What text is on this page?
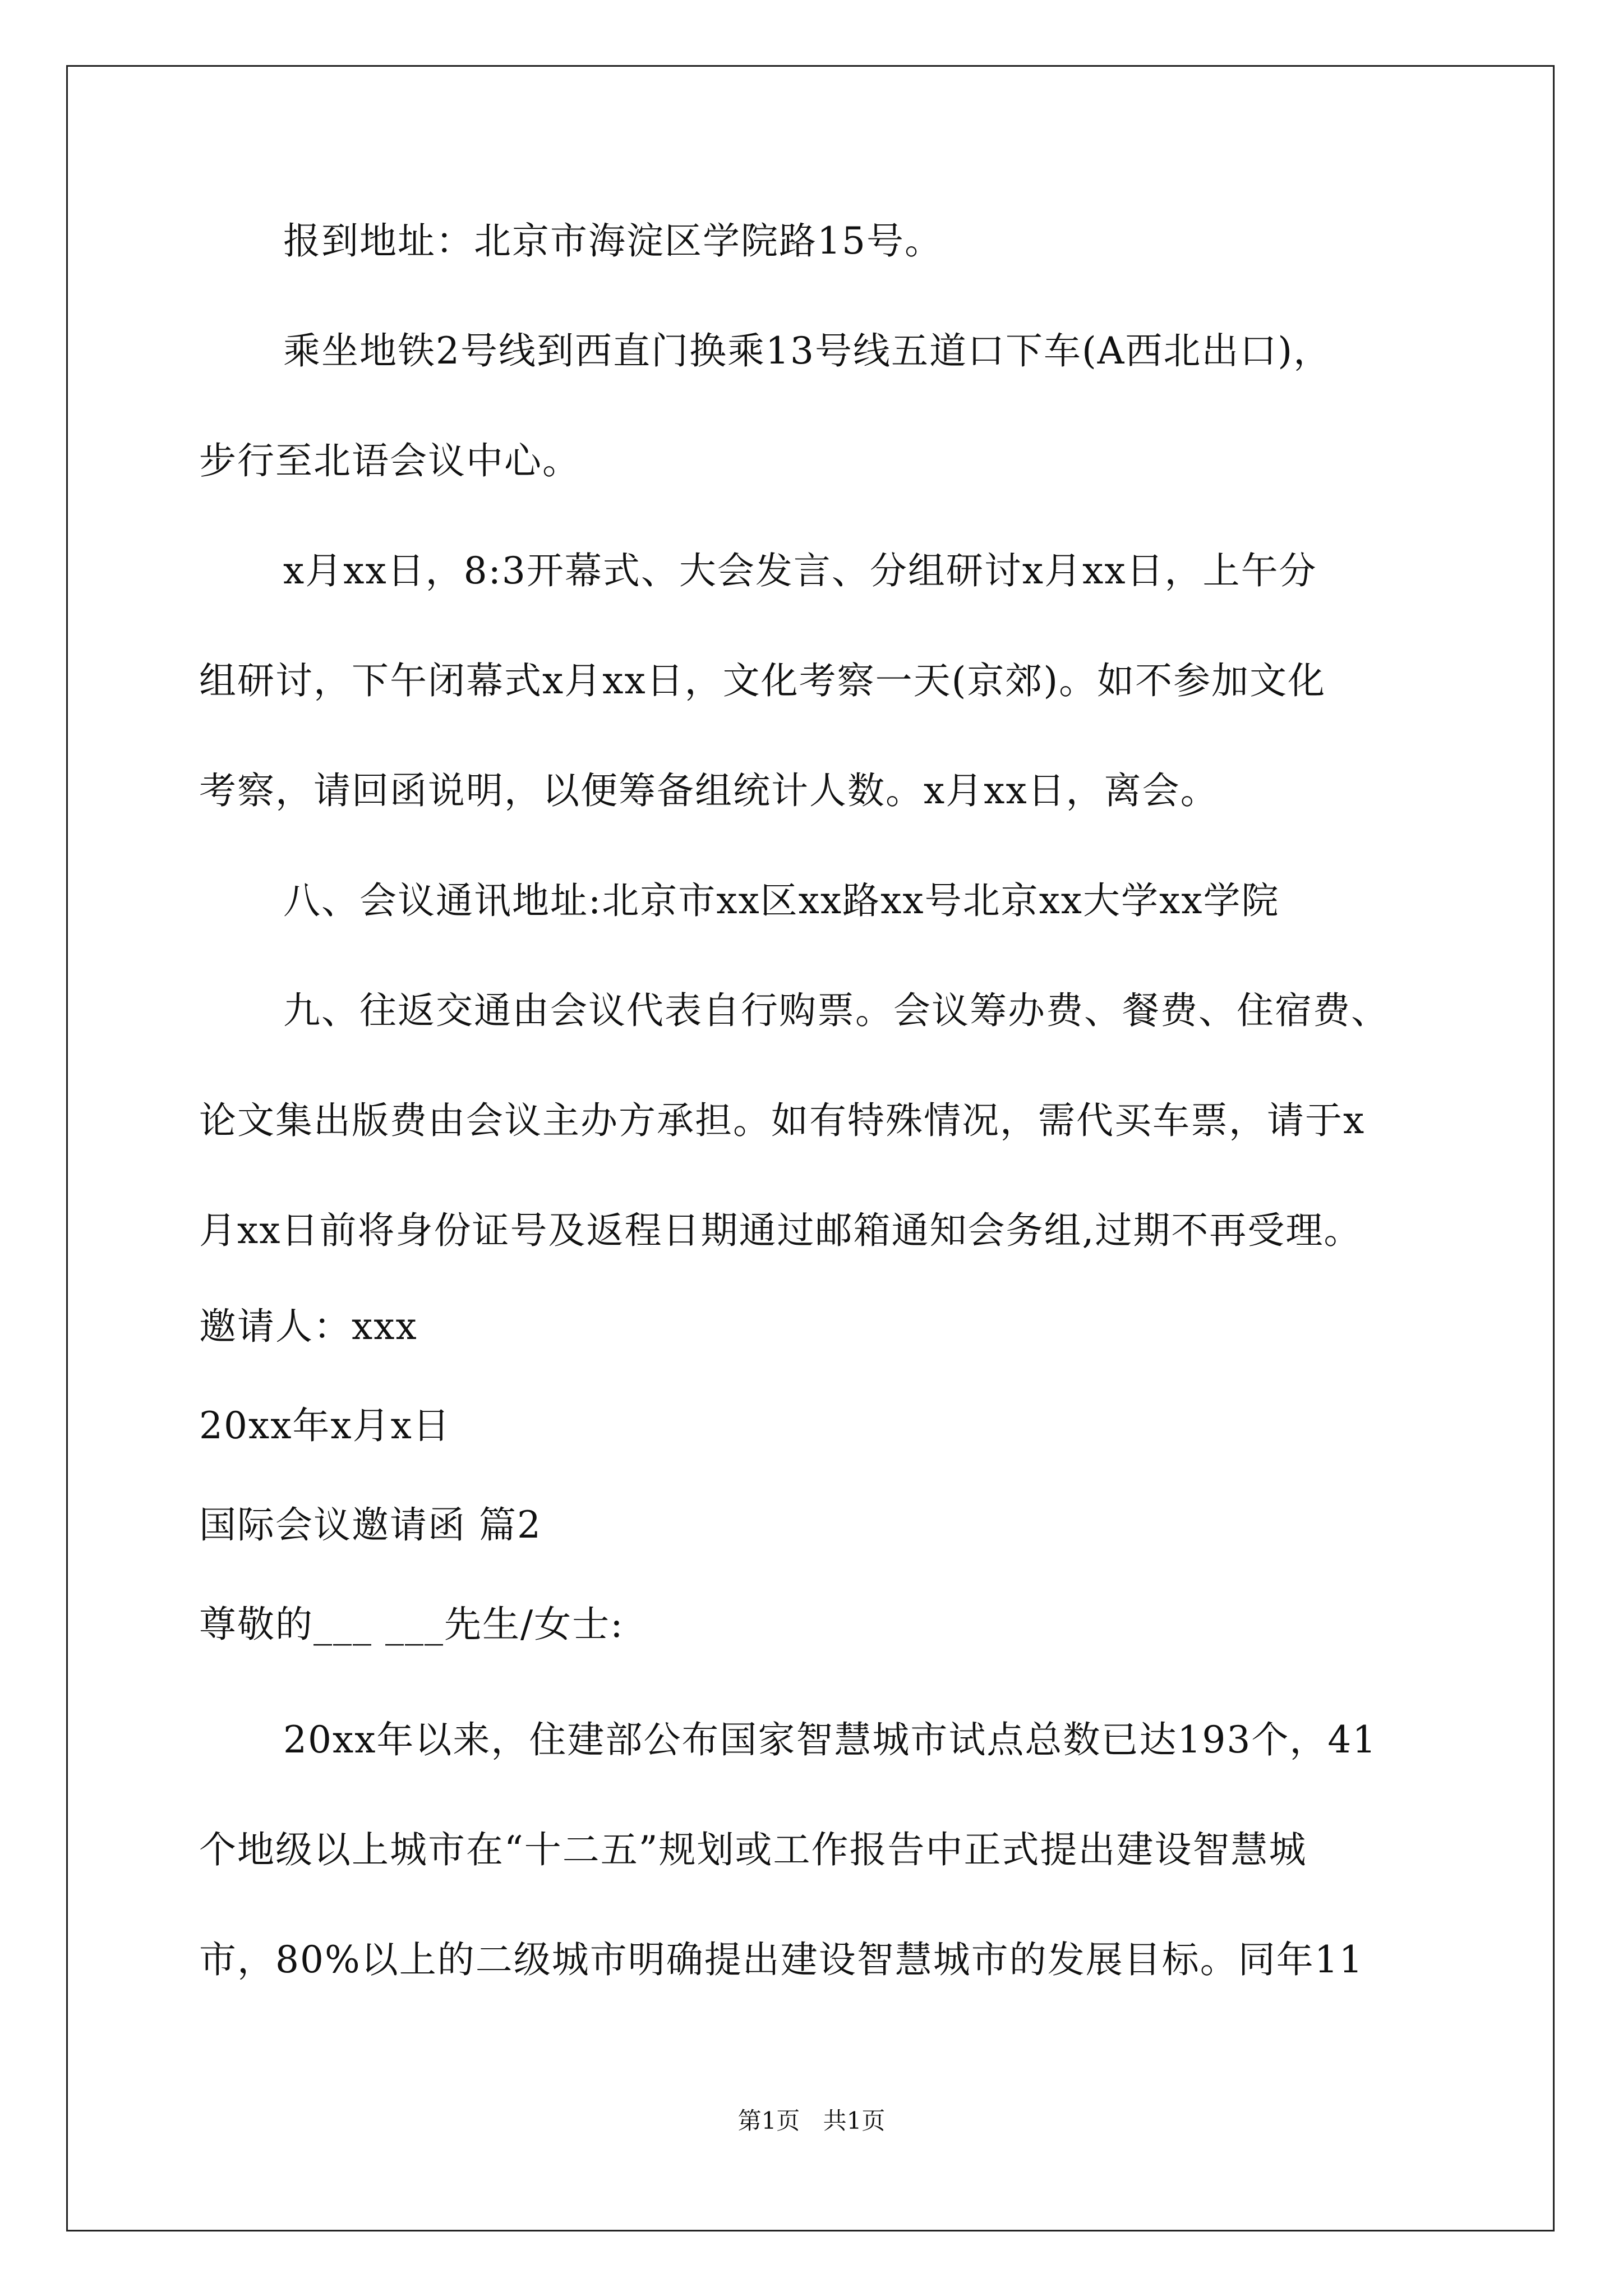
报到地址：北京市海淀区学院路15号。
乘坐地铁2号线到西直门换乘13号线五道口下车(A西北出口)，
步行至北语会议中心。
x月xx日，8:3开幕式、大会发言、分组研讨x月xx日，上午分
组研讨，下午闭幕式x月xx日，文化考察一天(京郊)。如不参加文化
考察，请回函说明，以便筹备组统计人数。x月xx日，离会。
八、会议通讯地址:北京市xx区xx路xx号北京xx大学xx学院
九、往返交通由会议代表自行购票。会议筹办费、餐费、住宿费、
论文集出版费由会议主办方承担。如有特殊情况，需代买车票，请于x
月xx日前将身份证号及返程日期通过邮箱通知会务组,过期不再受理。
邀请人：xxx
20xx年x月x日
国际会议邀请函 篇2
尊敬的___ ___先生/女士:
20xx年以来，住建部公布国家智慧城市试点总数已达193个，41
个地级以上城市在“十二五”规划或工作报告中正式提出建设智慧城
市，80%以上的二级城市明确提出建设智慧城市的发展目标。同年11
第1页 共1页
